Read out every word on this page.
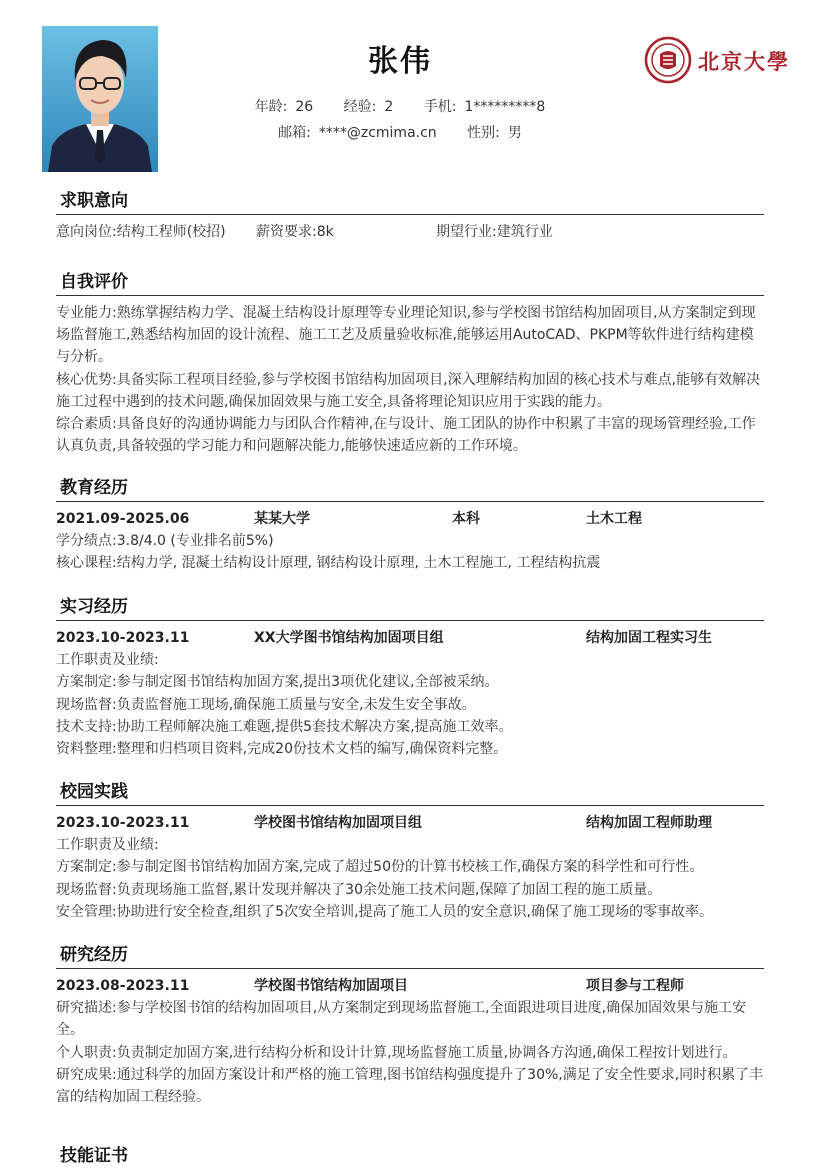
张伟
年龄: 26 经验: 2 手机: 1*********8
邮箱: ****@zcmima.cn 性别: 男
北京大學
求职意向
意向岗位:结构工程师(校招)	薪资要求:8k	期望行业:建筑行业
自我评价

专业能力:熟练掌握结构力学、混凝土结构设计原理等专业理论知识,参与学校图书馆结构加固项目,从方案制定到现场监督施工,熟悉结构加固的设计流程、施工工艺及质量验收标准,能够运用AutoCAD、PKPM等软件进行结构建模与分析。

核心优势:具备实际工程项目经验,参与学校图书馆结构加固项目,深入理解结构加固的核心技术与难点,能够有效解决施工过程中遇到的技术问题,确保加固效果与施工安全,具备将理论知识应用于实践的能力。

综合素质:具备良好的沟通协调能力与团队合作精神,在与设计、施工团队的协作中积累了丰富的现场管理经验,工作认真负责,具备较强的学习能力和问题解决能力,能够快速适应新的工作环境。

教育经历
2021.09-2025.06	某某大学	本科	土木工程

学分绩点:3.8/4.0 (专业排名前5%)

核心课程:结构力学, 混凝土结构设计原理, 钢结构设计原理, 土木工程施工, 工程结构抗震

实习经历
2023.10-2023.11	XX大学图书馆结构加固项目组	结构加固工程实习生

工作职责及业绩:

方案制定:参与制定图书馆结构加固方案,提出3项优化建议,全部被采纳。

现场监督:负责监督施工现场,确保施工质量与安全,未发生安全事故。

技术支持:协助工程师解决施工难题,提供5套技术解决方案,提高施工效率。

资料整理:整理和归档项目资料,完成20份技术文档的编写,确保资料完整。

校园实践
2023.10-2023.11	学校图书馆结构加固项目组	结构加固工程师助理

工作职责及业绩:

方案制定:参与制定图书馆结构加固方案,完成了超过50份的计算书校核工作,确保方案的科学性和可行性。

现场监督:负责现场施工监督,累计发现并解决了30余处施工技术问题,保障了加固工程的施工质量。

安全管理:协助进行安全检查,组织了5次安全培训,提高了施工人员的安全意识,确保了施工现场的零事故率。

研究经历
2023.08-2023.11	学校图书馆结构加固项目	项目参与工程师

研究描述:参与学校图书馆的结构加固项目,从方案制定到现场监督施工,全面跟进项目进度,确保加固效果与施工安全。

个人职责:负责制定加固方案,进行结构分析和设计计算,现场监督施工质量,协调各方沟通,确保工程按计划进行。

研究成果:通过科学的加固方案设计和严格的施工管理,图书馆结构强度提升了30%,满足了安全性要求,同时积累了丰富的结构加固工程经验。

技能证书
